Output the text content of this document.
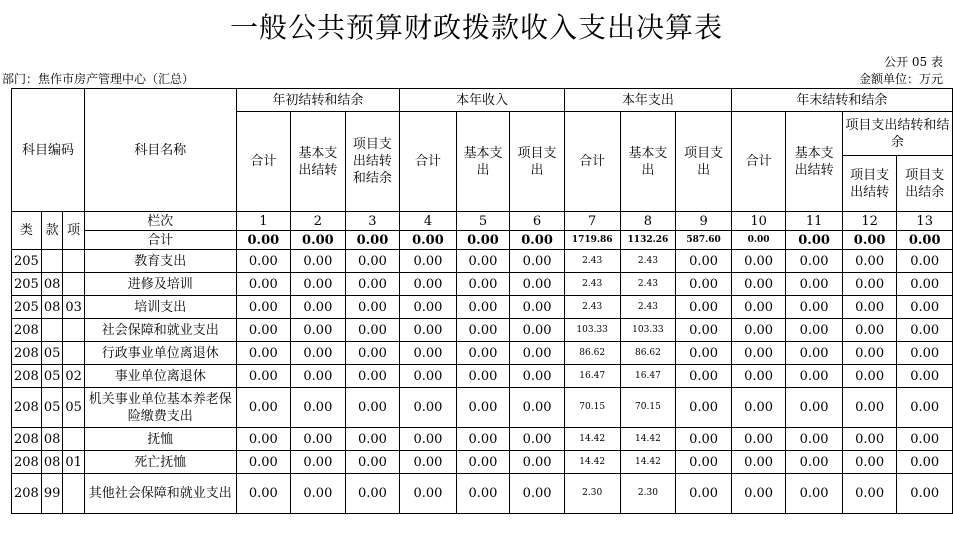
一般公共预算财政拨款收入支出决算表
公开 05 表
部门：焦作市房产管理中心（汇总）	金额单位：万元
科目编码			科目名称	年初结转和结余			本年收入			本年支出			年末结转和结余			
				合计	基本支出结转	项目支出结转和结余	合计	基本支出	项目支出	合计	基本支出	项目支出	合计	基本支出结转	项目支出结转和结余	
															项目支出结转	项目支出结余
类	款	项	栏次	1	2	3	4	5	6	7	8	9	10	11	12	13
			合计	0.00	0.00	0.00	0.00	0.00	0.00	1719.86	1132.26	587.60	0.00	0.00	0.00	0.00
205			教育支出	0.00	0.00	0.00	0.00	0.00	0.00	2.43	2.43	0.00	0.00	0.00	0.00	0.00
205	08		进修及培训	0.00	0.00	0.00	0.00	0.00	0.00	2.43	2.43	0.00	0.00	0.00	0.00	0.00
205	08	03	培训支出	0.00	0.00	0.00	0.00	0.00	0.00	2.43	2.43	0.00	0.00	0.00	0.00	0.00
208			社会保障和就业支出	0.00	0.00	0.00	0.00	0.00	0.00	103.33	103.33	0.00	0.00	0.00	0.00	0.00
208	05		行政事业单位离退休	0.00	0.00	0.00	0.00	0.00	0.00	86.62	86.62	0.00	0.00	0.00	0.00	0.00
208	05	02	事业单位离退休	0.00	0.00	0.00	0.00	0.00	0.00	16.47	16.47	0.00	0.00	0.00	0.00	0.00
208	05	05	机关事业单位基本养老保险缴费支出	0.00	0.00	0.00	0.00	0.00	0.00	70.15	70.15	0.00	0.00	0.00	0.00	0.00
208	08		抚恤	0.00	0.00	0.00	0.00	0.00	0.00	14.42	14.42	0.00	0.00	0.00	0.00	0.00
208	08	01	死亡抚恤	0.00	0.00	0.00	0.00	0.00	0.00	14.42	14.42	0.00	0.00	0.00	0.00	0.00
208	99		其他社会保障和就业支出	0.00	0.00	0.00	0.00	0.00	0.00	2.30	2.30	0.00	0.00	0.00	0.00	0.00
